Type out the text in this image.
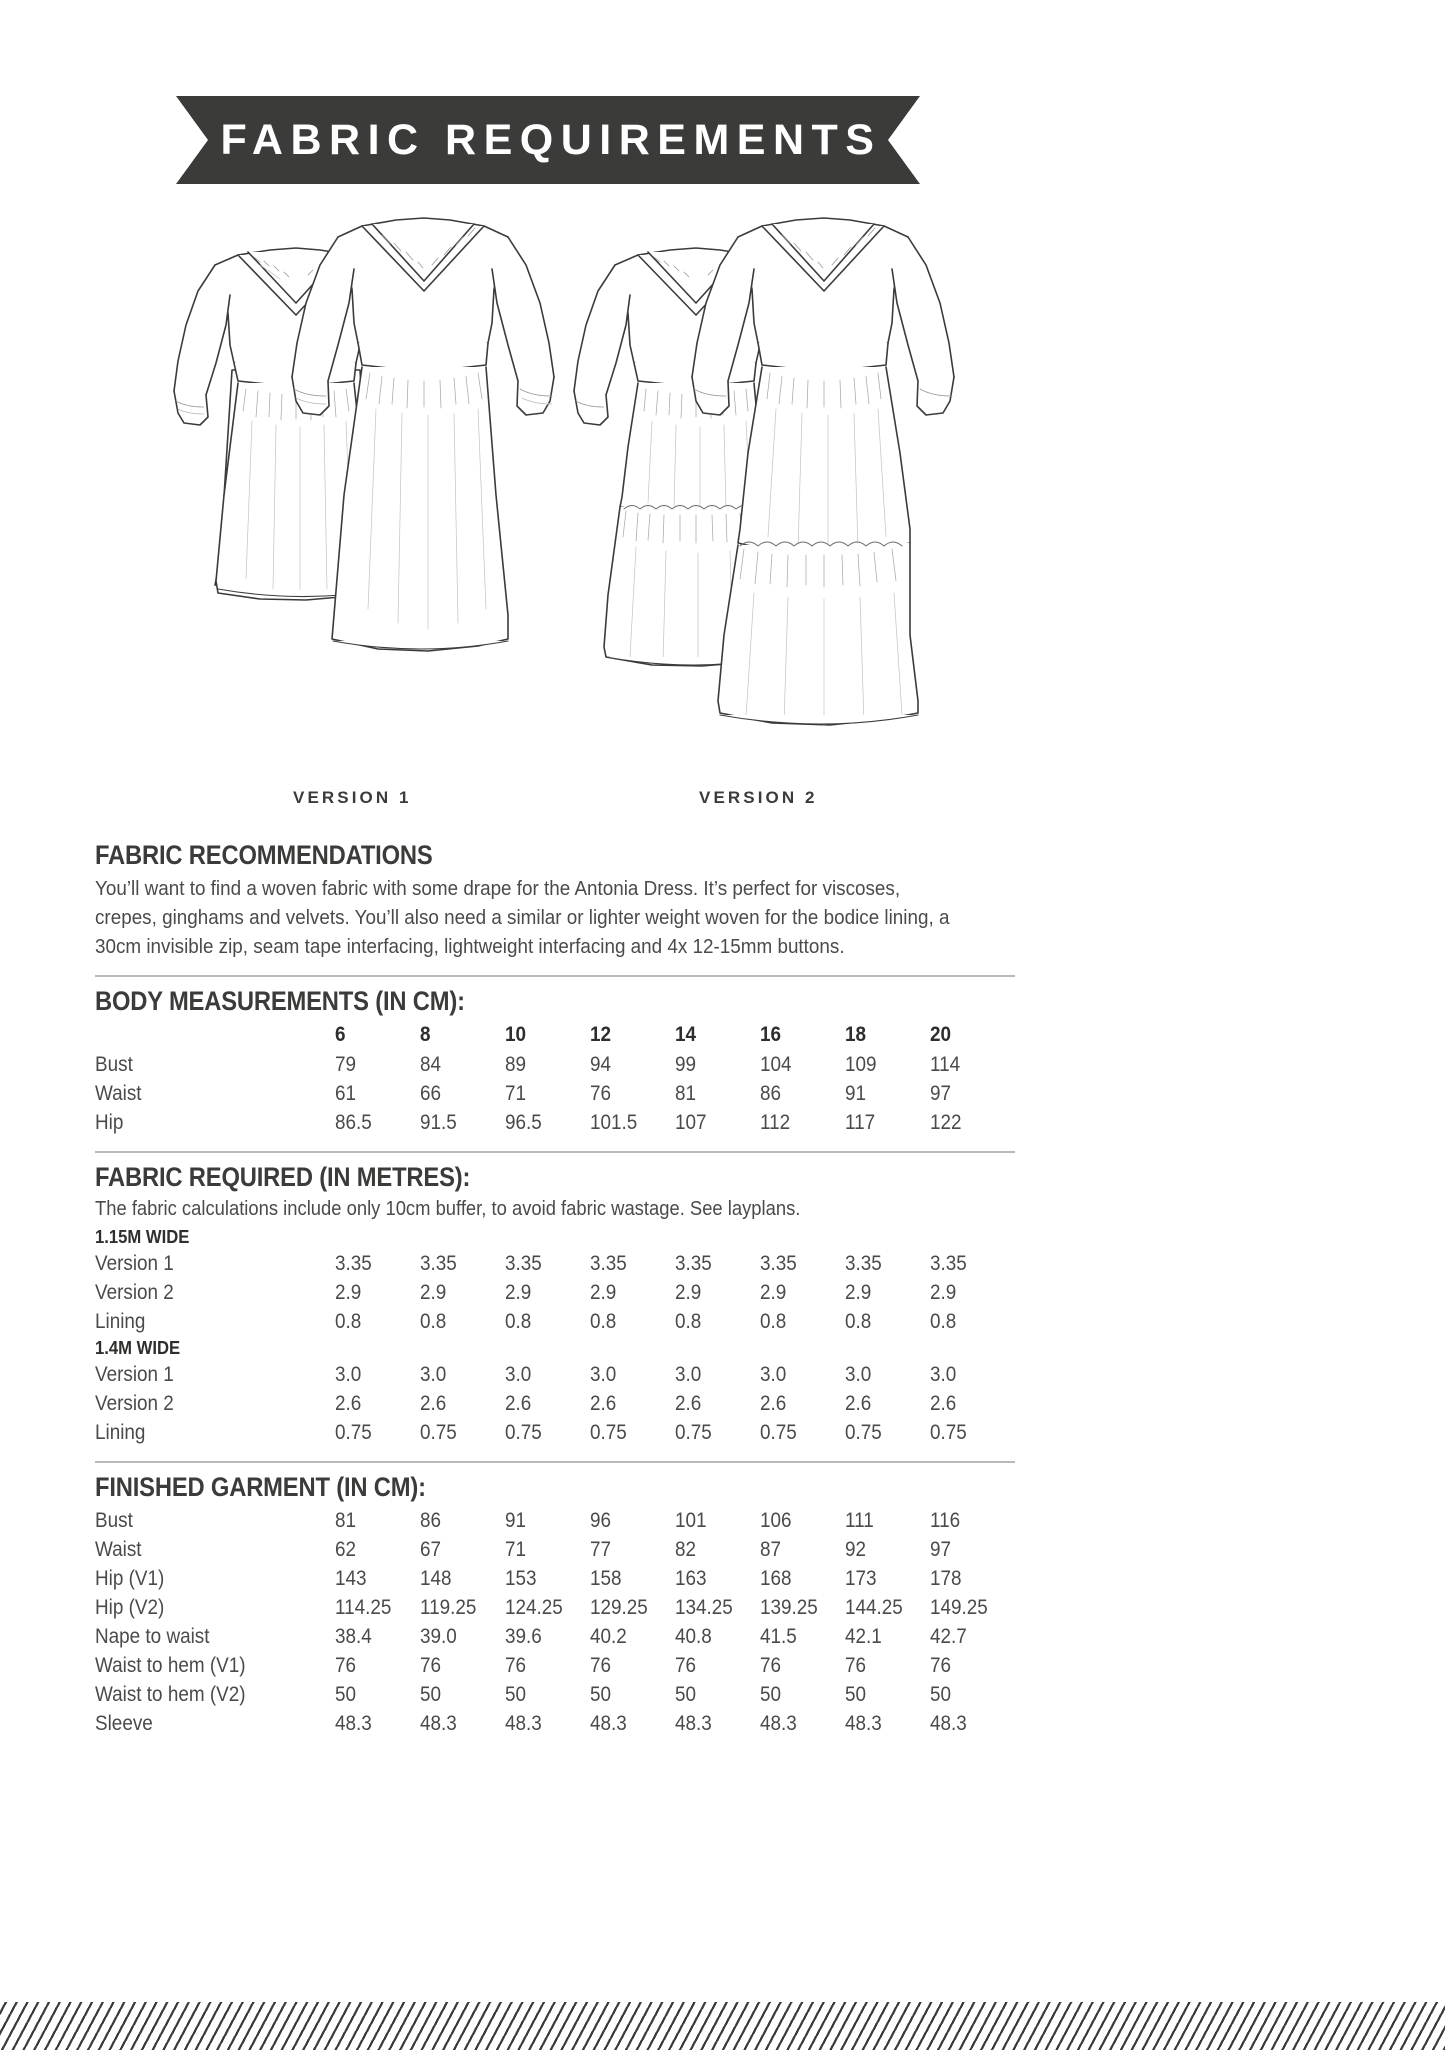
FABRIC REQUIREMENTS
VERSION 1	VERSION 2
FABRIC RECOMMENDATIONS

You’ll want to find a woven fabric with some drape for the Antonia Dress. It’s perfect for viscoses,
crepes, ginghams and velvets. You’ll also need a similar or lighter weight woven for the bodice lining, a
30cm invisible zip, seam tape interfacing, lightweight interfacing and 4x 12-15mm buttons.

BODY MEASUREMENTS (IN CM):

	6	8	10	12	14	16	18	20

Bust	79	84	89	94	99	104	109	114

Waist	61	66	71	76	81	86	91	97

Hip	86.5	91.5	96.5	101.5	107	112	117	122
FABRIC REQUIRED (IN METRES):
The fabric calculations include only 10cm buffer, to avoid fabric wastage. See layplans.
1.15M WIDE
Version 1	3.35	3.35	3.35	3.35	3.35	3.35	3.35	3.35

Version 2	2.9	2.9	2.9	2.9	2.9	2.9	2.9	2.9

Lining	0.8	0.8	0.8	0.8	0.8	0.8	0.8	0.8
1.4M WIDE
Version 1	3.0	3.0	3.0	3.0	3.0	3.0	3.0	3.0

Version 2	2.6	2.6	2.6	2.6	2.6	2.6	2.6	2.6

Lining	0.75	0.75	0.75	0.75	0.75	0.75	0.75	0.75
FINISHED GARMENT (IN CM):
Bust	81	86	91	96	101	106	111	116

Waist	62	67	71	77	82	87	92	97

Hip (V1)	143	148	153	158	163	168	173	178

Hip (V2)	114.25	119.25	124.25	129.25	134.25	139.25	144.25	149.25

Nape to waist	38.4	39.0	39.6	40.2	40.8	41.5	42.1	42.7

Waist to hem (V1)	76	76	76	76	76	76	76	76

Waist to hem (V2)	50	50	50	50	50	50	50	50

Sleeve	48.3	48.3	48.3	48.3	48.3	48.3	48.3	48.3
